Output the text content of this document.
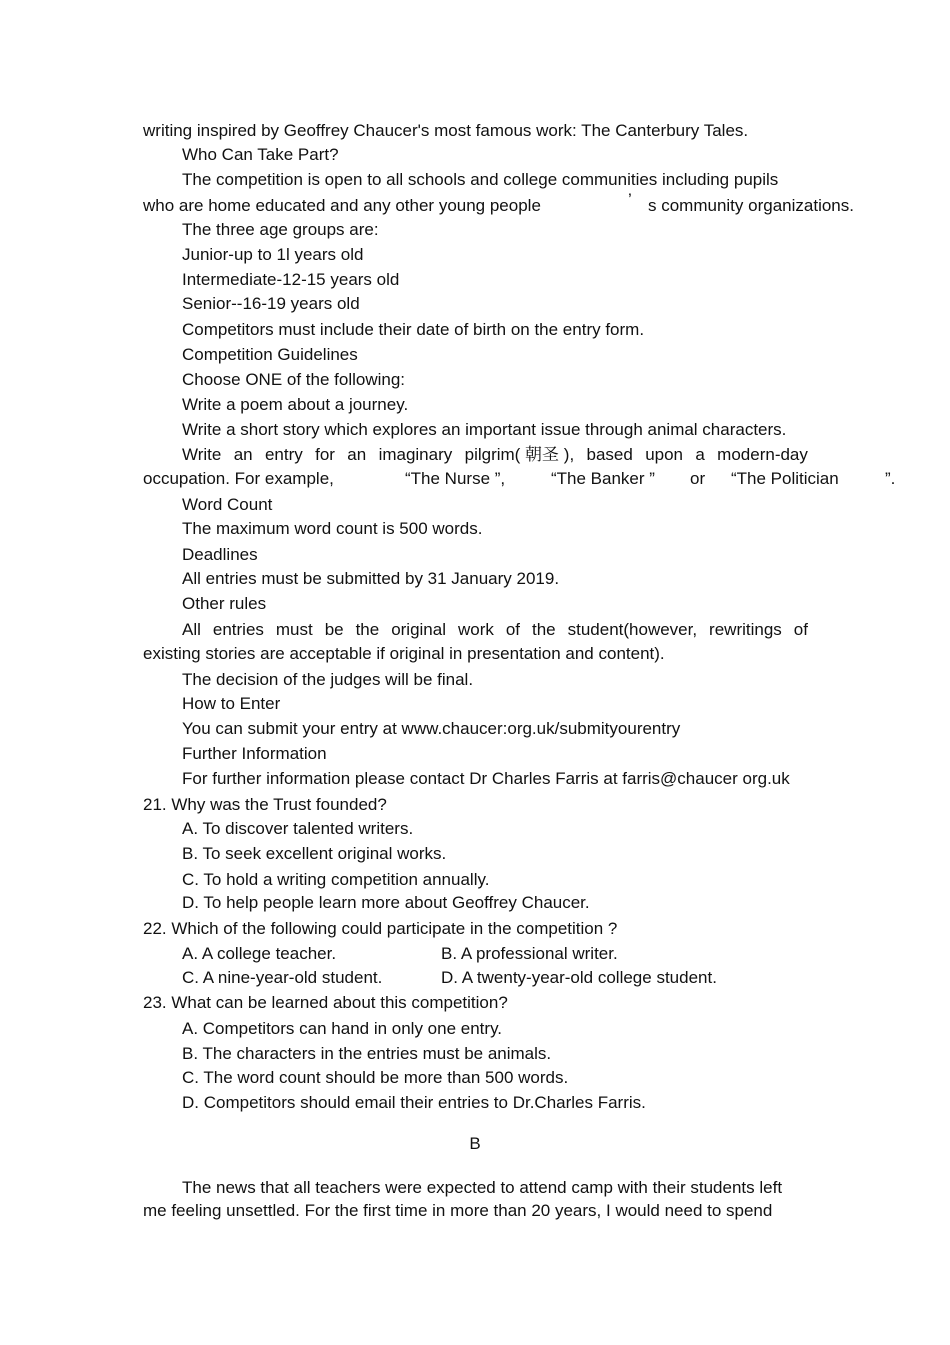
writing inspired by Geoffrey Chaucer's most famous work: The Canterbury Tales.
Who Can Take Part?
The competition is open to all schools and college communities including pupils
who are home educated and any other young people	’ s community organizations.
The three age groups are:
Junior-up to 1l years old
Intermediate-12-15 years old
Senior--16-19 years old
Competitors must include their date of birth on the entry form.
Competition Guidelines
Choose ONE of the following:
Write a poem about a journey.
Write a short story which explores an important issue through animal characters.
Write an entry for an imaginary pilgrim( 朝圣 ), based upon a modern-day
occupation. For example,	“The Nurse ”,	“The Banker ” or “The Politician	”.
Word Count
The maximum word count is 500 words.
Deadlines
All entries must be submitted by 31 January 2019.
Other rules
All entries must be the original work of the student(however, rewritings of
existing stories are acceptable if original in presentation and content).
The decision of the judges will be final.
How to Enter
You can submit your entry at www.chaucer:org.uk/submityourentry
Further Information
For further information please contact Dr Charles Farris at farris@chaucer org.uk
21. Why was the Trust founded?
A. To discover talented writers.
B. To seek excellent original works.
C. To hold a writing competition annually.
D. To help people learn more about Geoffrey Chaucer.
22. Which of the following could participate in the competition ?
A. A college teacher.	B. A professional writer.
C. A nine-year-old student.	D. A twenty-year-old college student.
23. What can be learned about this competition?
A. Competitors can hand in only one entry.
B. The characters in the entries must be animals.
C. The word count should be more than 500 words.
D. Competitors should email their entries to Dr.Charles Farris.
B
The news that all teachers were expected to attend camp with their students left
me feeling unsettled. For the first time in more than 20 years, I would need to spend
